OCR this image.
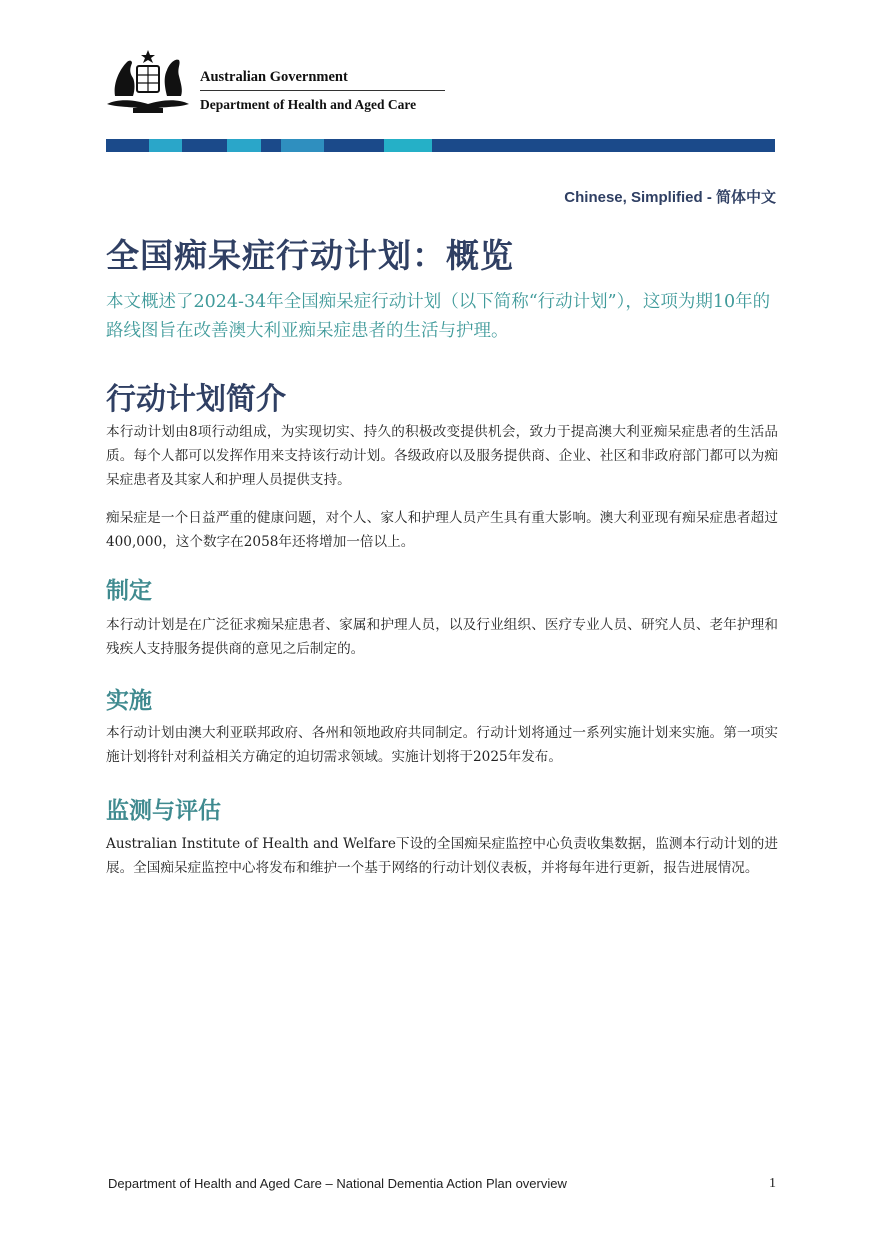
Australian Government
Department of Health and Aged Care
Chinese, Simplified - 简体中文
全国痴呆症行动计划：概览

本文概述了2024-34年全国痴呆症行动计划（以下简称“行动计划”），这项为期10年的路线图旨在改善澳大利亚痴呆症患者的生活与护理。

行动计划简介

本行动计划由8项行动组成，为实现切实、持久的积极改变提供机会，致力于提高澳大利亚痴呆症患者的生活品质。每个人都可以发挥作用来支持该行动计划。各级政府以及服务提供商、企业、社区和非政府部门都可以为痴呆症患者及其家人和护理人员提供支持。

痴呆症是一个日益严重的健康问题，对个人、家人和护理人员产生具有重大影响。澳大利亚现有痴呆症患者超过400,000，这个数字在2058年还将增加一倍以上。

制定

本行动计划是在广泛征求痴呆症患者、家属和护理人员，以及行业组织、医疗专业人员、研究人员、老年护理和残疾人支持服务提供商的意见之后制定的。

实施

本行动计划由澳大利亚联邦政府、各州和领地政府共同制定。行动计划将通过一系列实施计划来实施。第一项实施计划将针对利益相关方确定的迫切需求领域。实施计划将于2025年发布。

监测与评估

Australian Institute of Health and Welfare下设的全国痴呆症监控中心负责收集数据，监测本行动计划的进展。全国痴呆症监控中心将发布和维护一个基于网络的行动计划仪表板，并将每年进行更新，报告进展情况。

Department of Health and Aged Care – National Dementia Action Plan overview	1
